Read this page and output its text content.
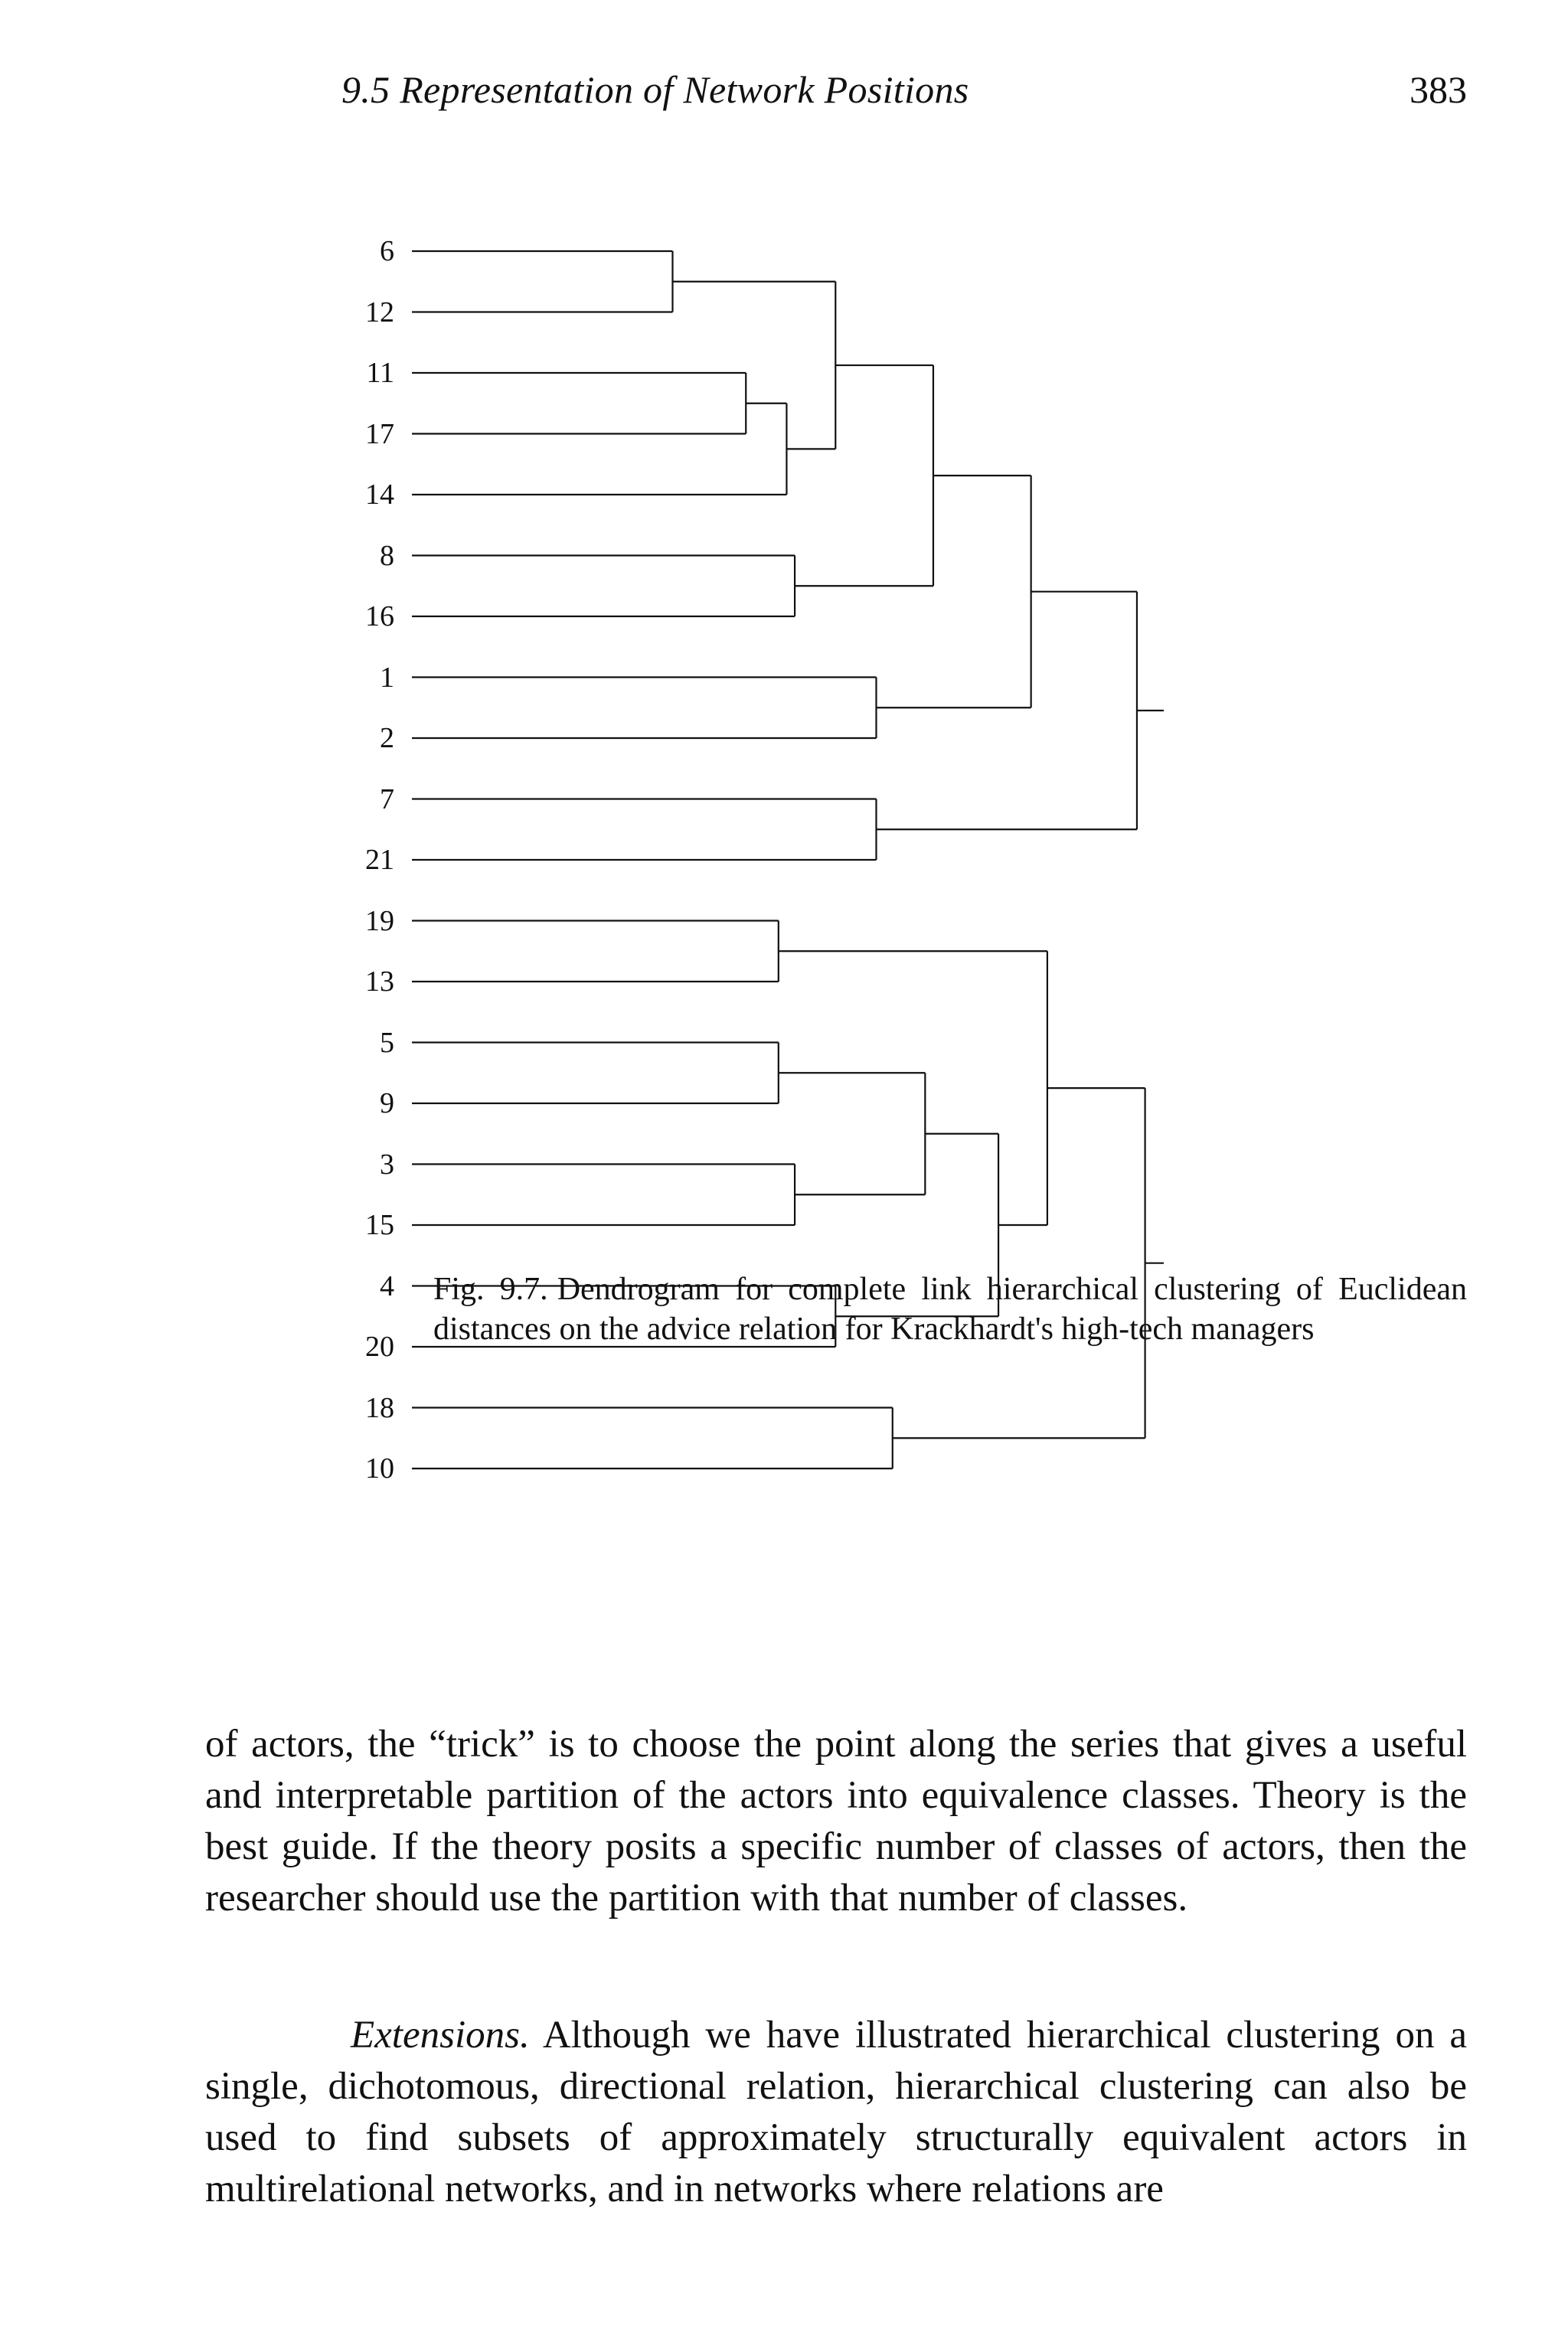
9.5 Representation of Network Positions	383
6
12
11
17
14
8
16
1
2
7
21
19
13
5
9
3
15
4
20
18
10
Fig. 9.7. Dendrogram for complete link hierarchical clustering of Euclidean distances on the advice relation for Krackhardt's high-tech managers
of actors, the “trick” is to choose the point along the series that gives a useful and interpretable partition of the actors into equivalence classes. Theory is the best guide. If the theory posits a specific number of classes of actors, then the researcher should use the partition with that number of classes.
Extensions. Although we have illustrated hierarchical clustering on a single, dichotomous, directional relation, hierarchical clustering can also be used to find subsets of approximately structurally equivalent actors in multirelational networks, and in networks where relations are
